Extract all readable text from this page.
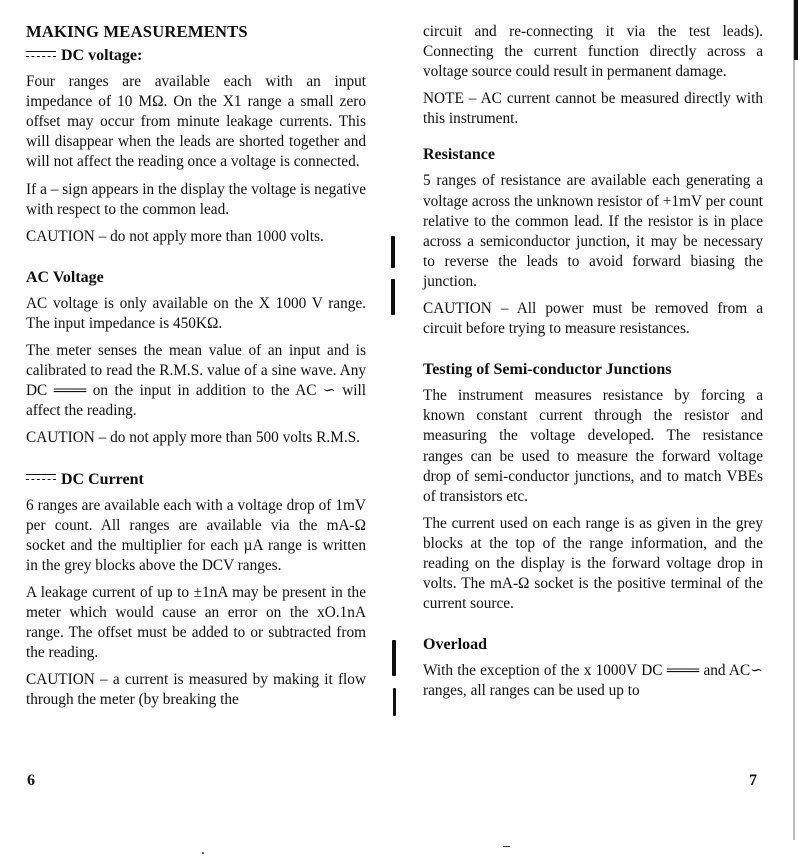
MAKING MEASUREMENTS
DC voltage:

Four ranges are available each with an input impedance of 10 MΩ. On the X1 range a small zero offset may occur from minute leakage currents. This will disappear when the leads are shorted together and will not affect the reading once a voltage is connected.

If a – sign appears in the display the voltage is negative with respect to the common lead.

CAUTION – do not apply more than 1000 volts.

AC Voltage

AC voltage is only available on the X 1000 V range. The input impedance is 450KΩ.

The meter senses the mean value of an input and is calibrated to read the R.M.S. value of a sine wave. Any DC ═══ on the input in addition to the AC ∽ will affect the reading.

CAUTION – do not apply more than 500 volts R.M.S.

DC Current

6 ranges are available each with a voltage drop of 1mV per count. All ranges are available via the mA-Ω socket and the multiplier for each µA range is written in the grey blocks above the DCV ranges.

A leakage current of up to ±1nA may be present in the meter which would cause an error on the xO.1nA range. The offset must be added to or subtracted from the reading.

CAUTION – a current is measured by making it flow through the meter (by breaking the

circuit and re-connecting it via the test leads). Connecting the current function directly across a voltage source could result in permanent damage.

NOTE – AC current cannot be measured directly with this instrument.

Resistance

5 ranges of resistance are available each generating a voltage across the unknown resistor of +1mV per count relative to the common lead. If the resistor is in place across a semiconductor junction, it may be necessary to reverse the leads to avoid forward biasing the junction.

CAUTION – All power must be removed from a circuit before trying to measure resistances.

Testing of Semi-conductor Junctions

The instrument measures resistance by forcing a known constant current through the resistor and measuring the voltage developed. The resistance ranges can be used to measure the forward voltage drop of semi-conductor junctions, and to match VBEs of transistors etc.

The current used on each range is as given in the grey blocks at the top of the range information, and the reading on the display is the forward voltage drop in volts. The mA-Ω socket is the positive terminal of the current source.

Overload

With the exception of the x 1000V DC ═══ and AC∽ ranges, all ranges can be used up to

6	7
